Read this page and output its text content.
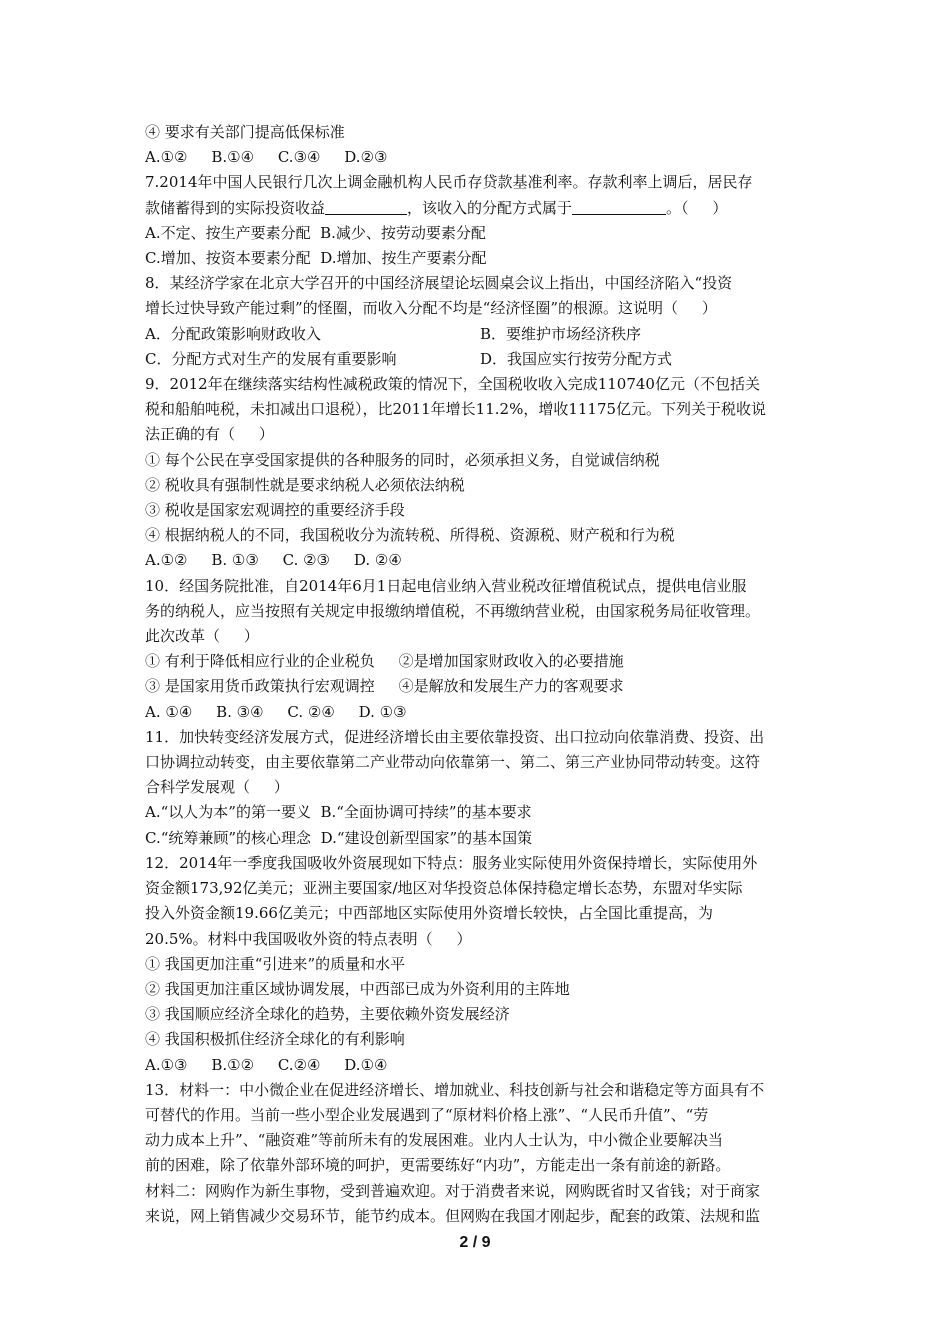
④ 要求有关部门提高低保标准
A.①②     B.①④     C.③④     D.②③
7.2014年中国人民银行几次上调金融机构人民币存贷款基准利率。存款利率上调后，居民存
款储蓄得到的实际投资收益	，该收入的分配方式属于	。（     ）
A.不定、按生产要素分配  B.减少、按劳动要素分配
C.增加、按资本要素分配  D.增加、按生产要素分配
8．某经济学家在北京大学召开的中国经济展望论坛圆桌会议上指出，中国经济陷入“投资
增长过快导致产能过剩”的怪圈，而收入分配不均是“经济怪圈”的根源。这说明（     ）
A．分配政策影响财政收入	B．要维护市场经济秩序
C．分配方式对生产的发展有重要影响	D．我国应实行按劳分配方式
9．2012年在继续落实结构性减税政策的情况下，全国税收收入完成110740亿元（不包括关
税和船舶吨税，未扣减出口退税），比2011年增长11.2%，增收11175亿元。下列关于税收说
法正确的有（     ）
① 每个公民在享受国家提供的各种服务的同时，必须承担义务，自觉诚信纳税
② 税收具有强制性就是要求纳税人必须依法纳税
③ 税收是国家宏观调控的重要经济手段
④ 根据纳税人的不同，我国税收分为流转税、所得税、资源税、财产税和行为税
A.①②     B. ①③     C. ②③     D. ②④
10．经国务院批准，自2014年6月1日起电信业纳入营业税改征增值税试点，提供电信业服
务的纳税人，应当按照有关规定申报缴纳增值税，不再缴纳营业税，由国家税务局征收管理。
此次改革（     ）
① 有利于降低相应行业的企业税负     ②是增加国家财政收入的必要措施
③ 是国家用货币政策执行宏观调控     ④是解放和发展生产力的客观要求
A. ①④     B. ③④     C. ②④     D. ①③
11．加快转变经济发展方式，促进经济增长由主要依靠投资、出口拉动向依靠消费、投资、出
口协调拉动转变，由主要依靠第二产业带动向依靠第一、第二、第三产业协同带动转变。这符
合科学发展观（     ）
A.“以人为本”的第一要义  B.“全面协调可持续”的基本要求
C.“统筹兼顾”的核心理念  D.“建设创新型国家”的基本国策
12．2014年一季度我国吸收外资展现如下特点：服务业实际使用外资保持增长，实际使用外
资金额173,92亿美元；亚洲主要国家/地区对华投资总体保持稳定增长态势，东盟对华实际
投入外资金额19.66亿美元；中西部地区实际使用外资增长较快，占全国比重提高，为
20.5%。材料中我国吸收外资的特点表明（     ）
① 我国更加注重“引进来”的质量和水平
② 我国更加注重区域协调发展，中西部已成为外资利用的主阵地
③ 我国顺应经济全球化的趋势，主要依赖外资发展经济
④ 我国积极抓住经济全球化的有利影响
A.①③     B.①②     C.②④     D.①④
13．材料一：中小微企业在促进经济增长、增加就业、科技创新与社会和谐稳定等方面具有不
可替代的作用。当前一些小型企业发展遇到了“原材料价格上涨”、“人民币升值”、“劳
动力成本上升”、“融资难”等前所未有的发展困难。业内人士认为，中小微企业要解决当
前的困难，除了依靠外部环境的呵护，更需要练好“内功”，方能走出一条有前途的新路。
材料二：网购作为新生事物，受到普遍欢迎。对于消费者来说，网购既省时又省钱；对于商家
来说，网上销售减少交易环节，能节约成本。但网购在我国才刚起步，配套的政策、法规和监
2 / 9
